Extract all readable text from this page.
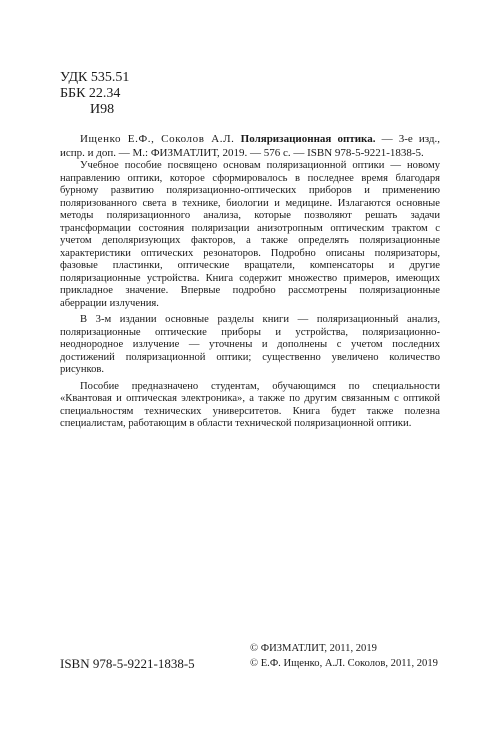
УДК 535.51
ББК 22.34
И98
Ищенко Е.Ф., Соколов А.Л. Поляризационная оптика. — 3-е изд., испр. и доп. — М.: ФИЗМАТЛИТ, 2019. — 576 с. — ISBN 978-5-9221-1838-5.

Учебное пособие посвящено основам поляризационной оптики — новому направлению оптики, которое сформировалось в последнее время благодаря бурному развитию поляризационно-оптических приборов и применению поляризованного света в технике, биологии и медицине. Излагаются основные методы поляризационного анализа, которые позволяют решать задачи трансформации состояния поляризации анизотропным оптическим трактом с учетом деполяризующих факторов, а также определять поляризационные характеристики оптических резонаторов. Подробно описаны поляризаторы, фазовые пластинки, оптические вращатели, компенсаторы и другие поляризационные устройства. Книга содержит множество примеров, имеющих прикладное значение. Впервые подробно рассмотрены поляризационные аберрации излучения.

В 3-м издании основные разделы книги — поляризационный анализ, поляризационные оптические приборы и устройства, поляризационно-неоднородное излучение — уточнены и дополнены с учетом последних достижений поляризационной оптики; существенно увеличено количество рисунков.

Пособие предназначено студентам, обучающимся по специальности «Квантовая и оптическая электроника», а также по другим связанным с оптикой специальностям технических университетов. Книга будет также полезна специалистам, работающим в области технической поляризационной оптики.

ISBN 978-5-9221-1838-5
© ФИЗМАТЛИТ, 2011, 2019
© Е.Ф. Ищенко, А.Л. Соколов, 2011, 2019
